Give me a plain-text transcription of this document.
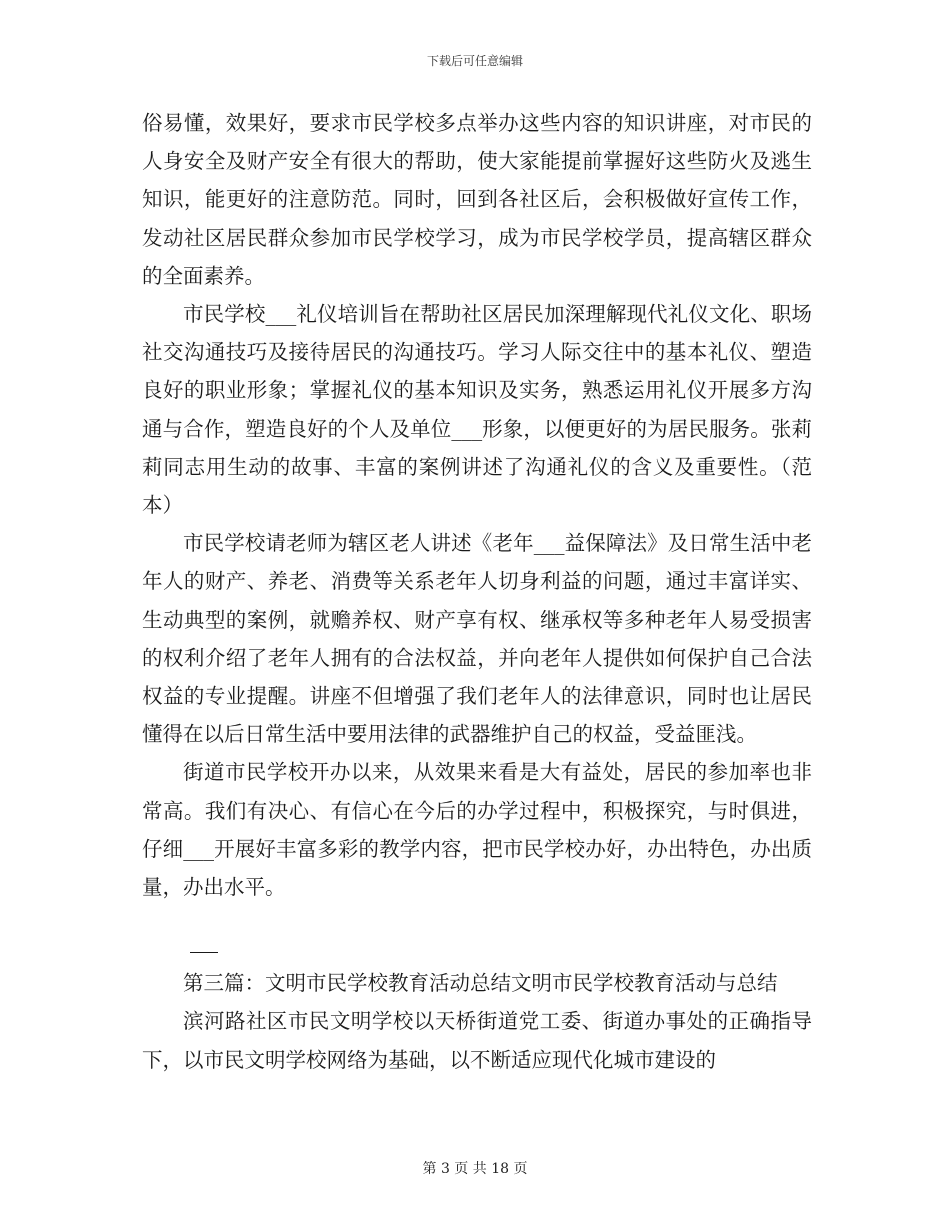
下载后可任意编辑

俗易懂，效果好，要求市民学校多点举办这些内容的知识讲座，对市民的人身安全及财产安全有很大的帮助，使大家能提前掌握好这些防火及逃生知识，能更好的注意防范。同时，回到各社区后，会积极做好宣传工作，发动社区居民群众参加市民学校学习，成为市民学校学员，提高辖区群众的全面素养。

市民学校___礼仪培训旨在帮助社区居民加深理解现代礼仪文化、职场社交沟通技巧及接待居民的沟通技巧。学习人际交往中的基本礼仪、塑造良好的职业形象；掌握礼仪的基本知识及实务，熟悉运用礼仪开展多方沟通与合作，塑造良好的个人及单位___形象，以便更好的为居民服务。张莉莉同志用生动的故事、丰富的案例讲述了沟通礼仪的含义及重要性。（范本）

市民学校请老师为辖区老人讲述《老年___益保障法》及日常生活中老年人的财产、养老、消费等关系老年人切身利益的问题，通过丰富详实、生动典型的案例，就赡养权、财产享有权、继承权等多种老年人易受损害的权利介绍了老年人拥有的合法权益，并向老年人提供如何保护自己合法权益的专业提醒。讲座不但增强了我们老年人的法律意识，同时也让居民懂得在以后日常生活中要用法律的武器维护自己的权益，受益匪浅。

街道市民学校开办以来，从效果来看是大有益处，居民的参加率也非常高。我们有决心、有信心在今后的办学过程中，积极探究，与时俱进，仔细___开展好丰富多彩的教学内容，把市民学校办好，办出特色，办出质量，办出水平。

第三篇：文明市民学校教育活动总结文明市民学校教育活动与总结

滨河路社区市民文明学校以天桥街道党工委、街道办事处的正确指导下，以市民文明学校网络为基础，以不断适应现代化城市建设的

第 3 页 共 18 页
